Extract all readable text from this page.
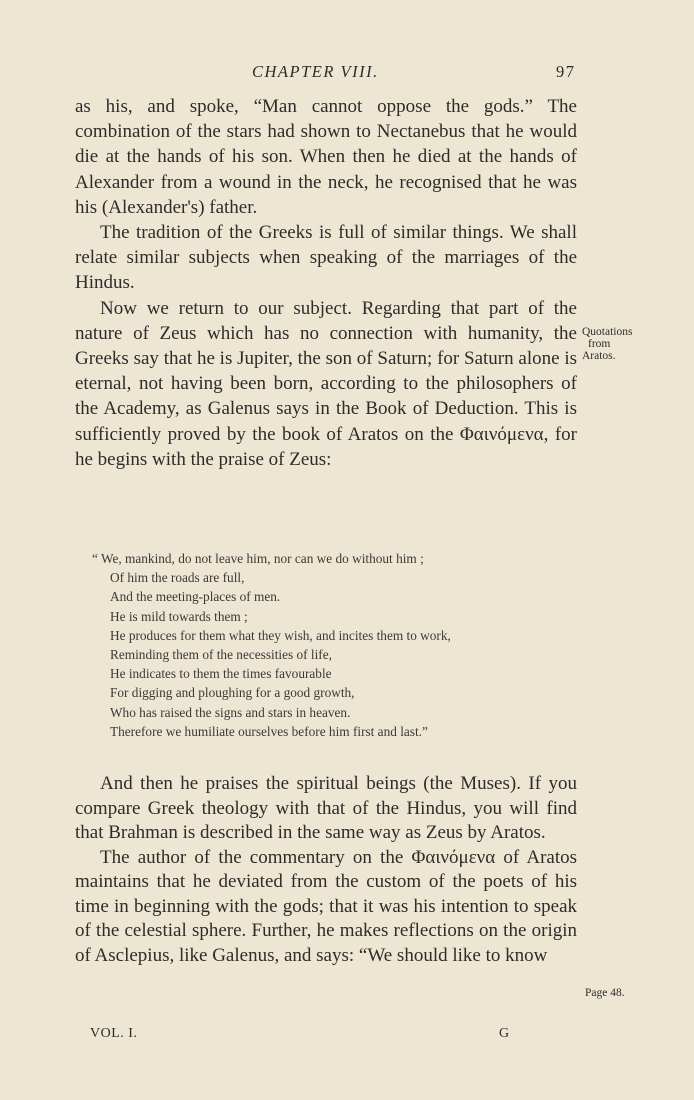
CHAPTER VIII.	97

as his, and spoke, “Man cannot oppose the gods.” The combination of the stars had shown to Nectanebus that he would die at the hands of his son. When then he died at the hands of Alexander from a wound in the neck, he recognised that he was his (Alexander's) father.

The tradition of the Greeks is full of similar things. We shall relate similar subjects when speaking of the marriages of the Hindus.

Now we return to our subject. Regarding that part of the nature of Zeus which has no connection with humanity, the Greeks say that he is Jupiter, the son of Saturn; for Saturn alone is eternal, not having been born, according to the philosophers of the Academy, as Galenus says in the Book of Deduction. This is sufficiently proved by the book of Aratos on the Φαινόμενα, for he begins with the praise of Zeus:

Quotations
from
Aratos.
“ We, mankind, do not leave him, nor can we do without him ;
Of him the roads are full,
And the meeting-places of men.
He is mild towards them ;
He produces for them what they wish, and incites them to work,
Reminding them of the necessities of life,
He indicates to them the times favourable
For digging and ploughing for a good growth,
Who has raised the signs and stars in heaven.
Therefore we humiliate ourselves before him first and last.”

And then he praises the spiritual beings (the Muses). If you compare Greek theology with that of the Hindus, you will find that Brahman is described in the same way as Zeus by Aratos.

The author of the commentary on the Φαινόμενα of Aratos maintains that he deviated from the custom of the poets of his time in beginning with the gods; that it was his intention to speak of the celestial sphere. Further, he makes reflections on the origin of Asclepius, like Galenus, and says: “We should like to know

Page 48.
VOL. I.	G
